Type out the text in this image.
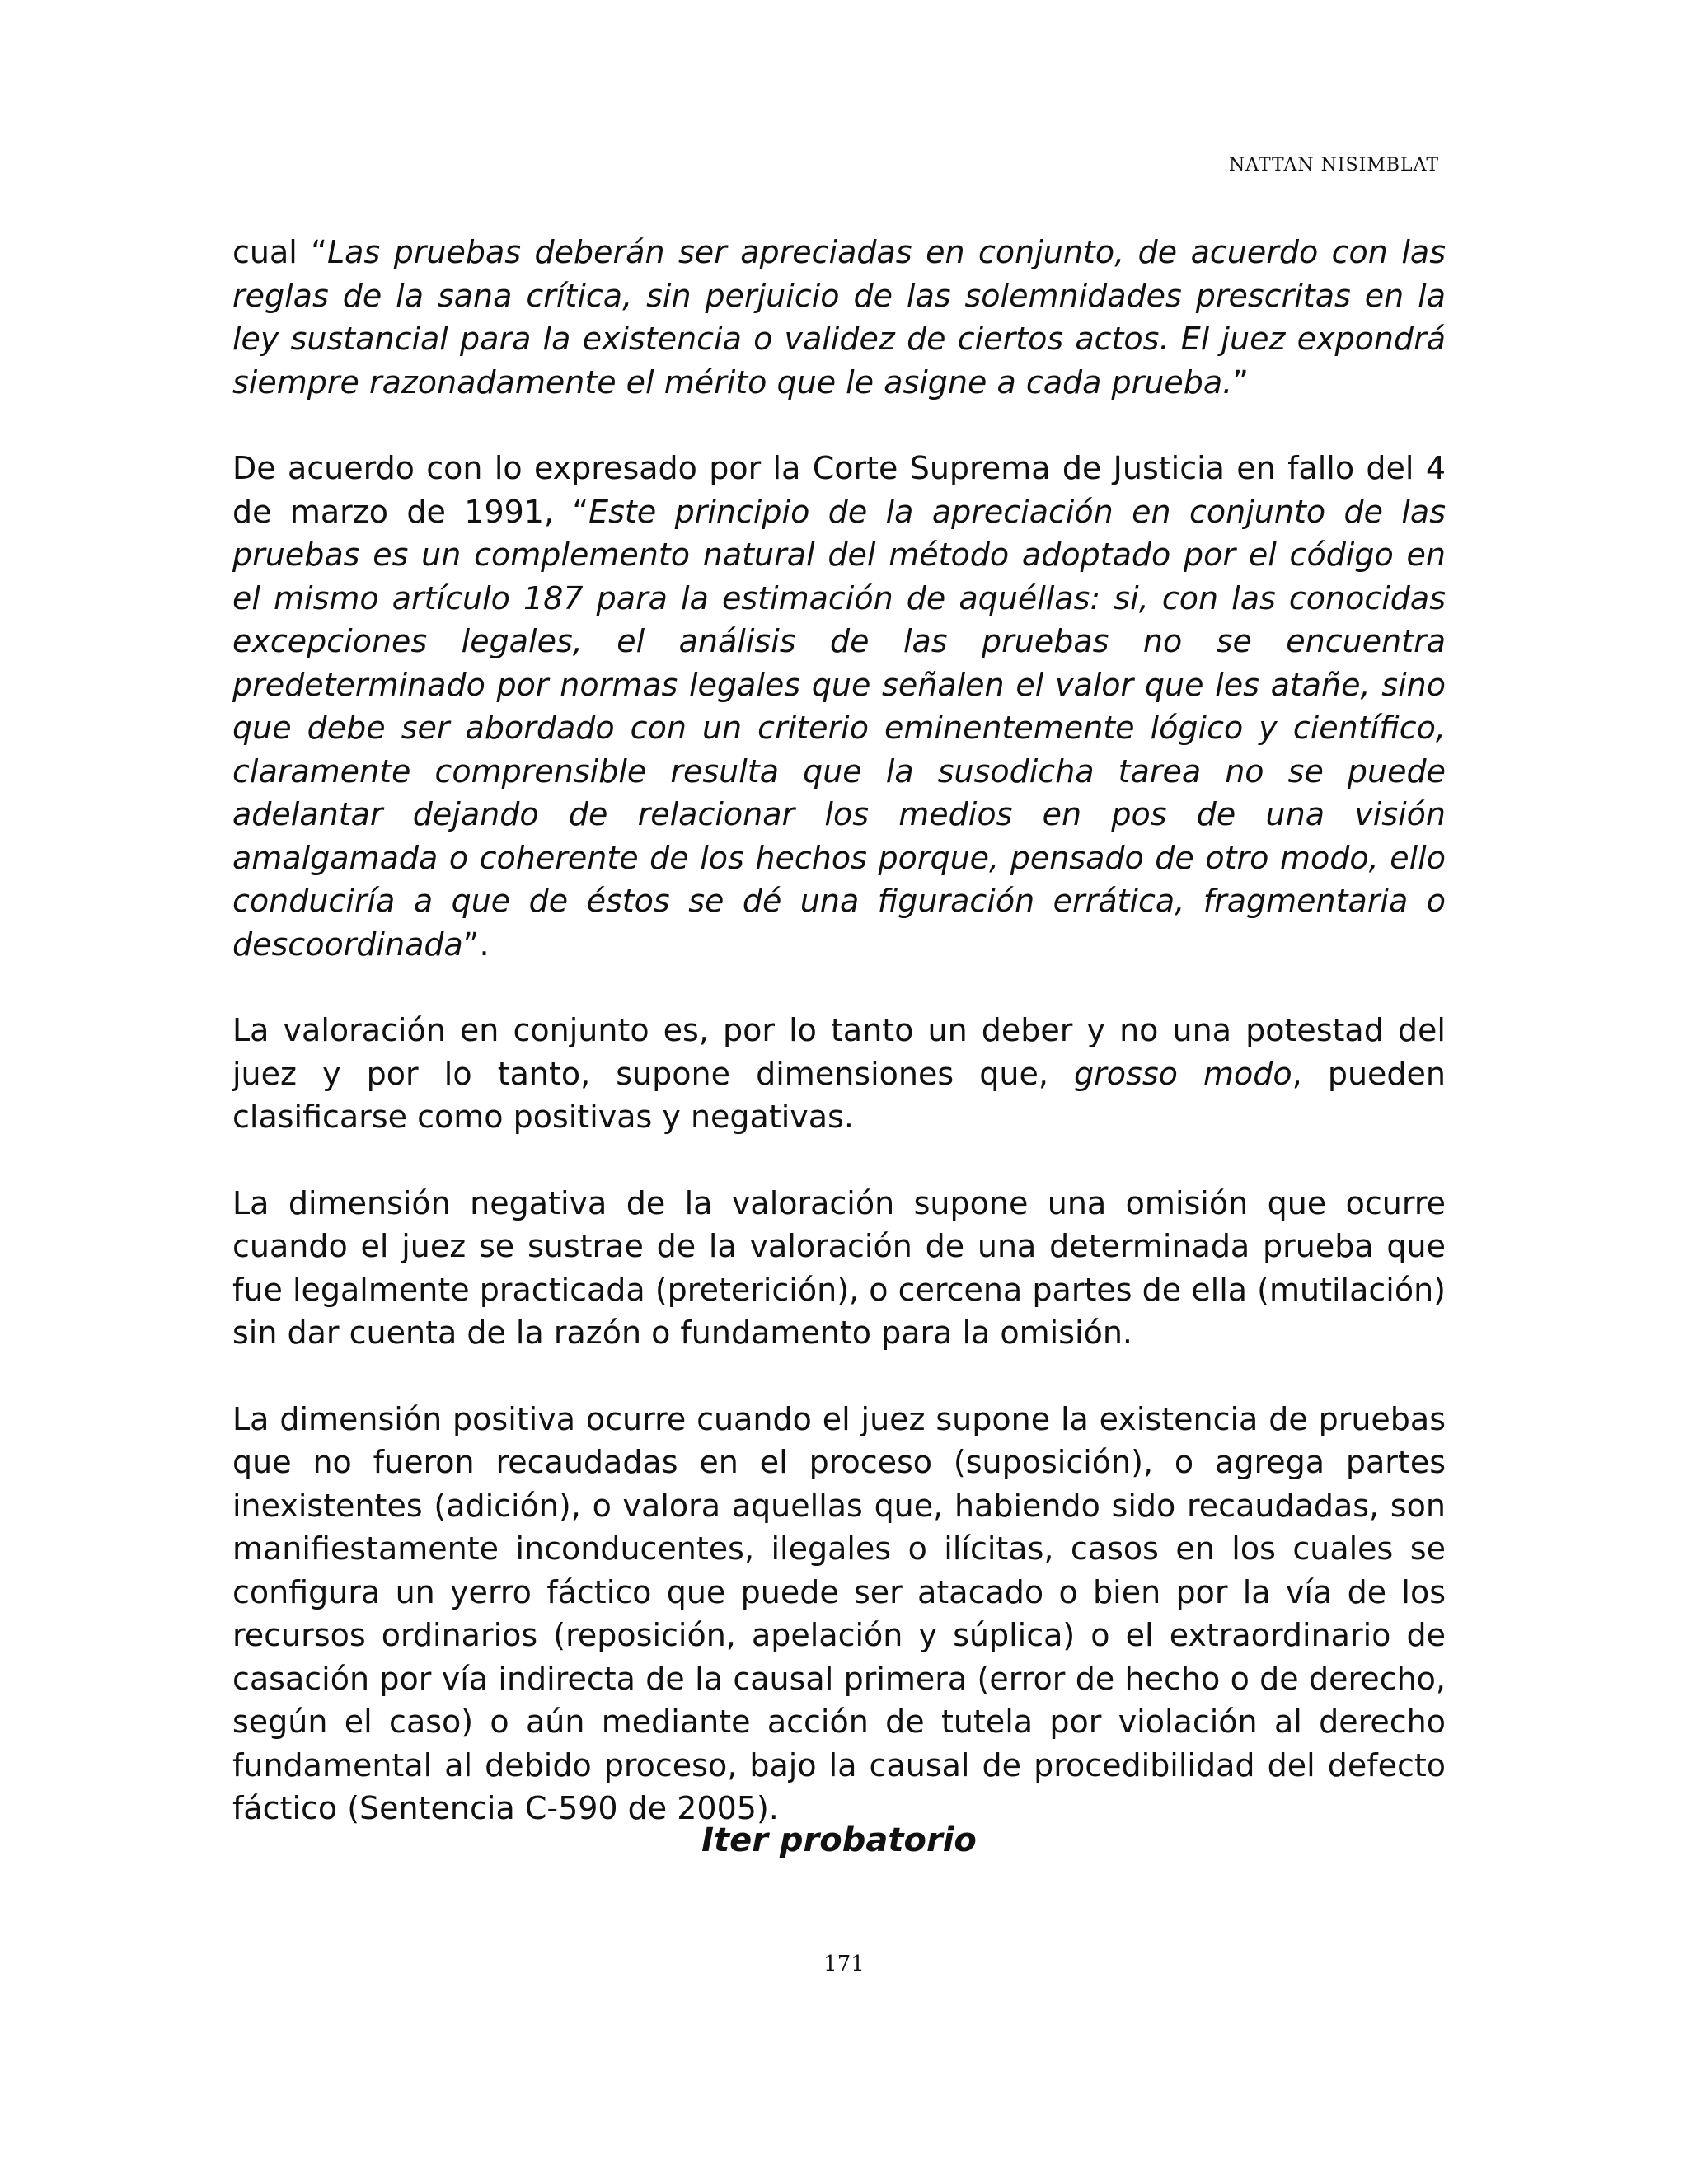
NATTAN NISIMBLAT

cual “Las pruebas deberán ser apreciadas en conjunto, de acuerdo con las reglas de la sana crítica, sin perjuicio de las solemnidades prescritas en la ley sustancial para la existencia o validez de ciertos actos. El juez expondrá siempre razonadamente el mérito que le asigne a cada prueba.”

De acuerdo con lo expresado por la Corte Suprema de Justicia en fallo del 4 de marzo de 1991, “Este principio de la apreciación en conjunto de las pruebas es un complemento natural del método adoptado por el código en el mismo artículo 187 para la estimación de aquéllas: si, con las conocidas excepciones legales, el análisis de las pruebas no se encuentra predeterminado por normas legales que señalen el valor que les atañe, sino que debe ser abordado con un criterio eminentemente lógico y científico, claramente comprensible resulta que la susodicha tarea no se puede adelantar dejando de relacionar los medios en pos de una visión amalgamada o coherente de los hechos porque, pensado de otro modo, ello conduciría a que de éstos se dé una figuración errática, fragmentaria o descoordinada”.

La valoración en conjunto es, por lo tanto un deber y no una potestad del juez y por lo tanto, supone dimensiones que, grosso modo, pueden clasificarse como positivas y negativas.

La dimensión negativa de la valoración supone una omisión que ocurre cuando el juez se sustrae de la valoración de una determinada prueba que fue legalmente practicada (preterición), o cercena partes de ella (mutilación) sin dar cuenta de la razón o fundamento para la omisión.

La dimensión positiva ocurre cuando el juez supone la existencia de pruebas que no fueron recaudadas en el proceso (suposición), o agrega partes inexistentes (adición), o valora aquellas que, habiendo sido recaudadas, son manifiestamente inconducentes, ilegales o ilícitas, casos en los cuales se configura un yerro fáctico que puede ser atacado o bien por la vía de los recursos ordinarios (reposición, apelación y súplica) o el extraordinario de casación por vía indirecta de la causal primera (error de hecho o de derecho, según el caso) o aún mediante acción de tutela por violación al derecho fundamental al debido proceso, bajo la causal de procedibilidad del defecto fáctico (Sentencia C-590 de 2005).

Iter probatorio
171
